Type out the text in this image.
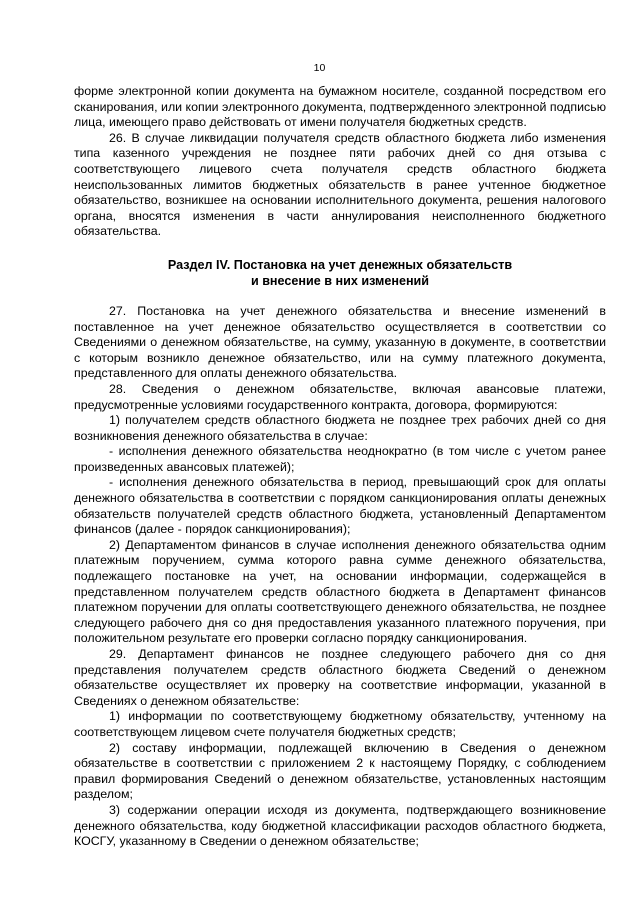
10

форме электронной копии документа на бумажном носителе, созданной посредством его сканирования, или копии электронного документа, подтвержденного электронной подписью лица, имеющего право действовать от имени получателя бюджетных средств.

26. В случае ликвидации получателя средств областного бюджета либо изменения типа казенного учреждения не позднее пяти рабочих дней со дня отзыва с соответствующего лицевого счета получателя средств областного бюджета неиспользованных лимитов бюджетных обязательств в ранее учтенное бюджетное обязательство, возникшее на основании исполнительного документа, решения налогового органа, вносятся изменения в части аннулирования неисполненного бюджетного обязательства.

Раздел IV. Постановка на учет денежных обязательств
и внесение в них изменений

27. Постановка на учет денежного обязательства и внесение изменений в поставленное на учет денежное обязательство осуществляется в соответствии со Сведениями о денежном обязательстве, на сумму, указанную в документе, в соответствии с которым возникло денежное обязательство, или на сумму платежного документа, представленного для оплаты денежного обязательства.

28. Сведения о денежном обязательстве, включая авансовые платежи, предусмотренные условиями государственного контракта, договора, формируются:

1) получателем средств областного бюджета не позднее трех рабочих дней со дня возникновения денежного обязательства в случае:

- исполнения денежного обязательства неоднократно (в том числе с учетом ранее произведенных авансовых платежей);

- исполнения денежного обязательства в период, превышающий срок для оплаты денежного обязательства в соответствии с порядком санкционирования оплаты денежных обязательств получателей средств областного бюджета, установленный Департаментом финансов (далее - порядок санкционирования);

2) Департаментом финансов в случае исполнения денежного обязательства одним платежным поручением, сумма которого равна сумме денежного обязательства, подлежащего постановке на учет, на основании информации, содержащейся в представленном получателем средств областного бюджета в Департамент финансов платежном поручении для оплаты соответствующего денежного обязательства, не позднее следующего рабочего дня со дня предоставления указанного платежного поручения, при положительном результате его проверки согласно порядку санкционирования.

29. Департамент финансов не позднее следующего рабочего дня со дня представления получателем средств областного бюджета Сведений о денежном обязательстве осуществляет их проверку на соответствие информации, указанной в Сведениях о денежном обязательстве:

1) информации по соответствующему бюджетному обязательству, учтенному на соответствующем лицевом счете получателя бюджетных средств;

2) составу информации, подлежащей включению в Сведения о денежном обязательстве в соответствии с приложением 2 к настоящему Порядку, с соблюдением правил формирования Сведений о денежном обязательстве, установленных настоящим разделом;

3) содержании операции исходя из документа, подтверждающего возникновение денежного обязательства, коду бюджетной классификации расходов областного бюджета, КОСГУ, указанному в Сведении о денежном обязательстве;
